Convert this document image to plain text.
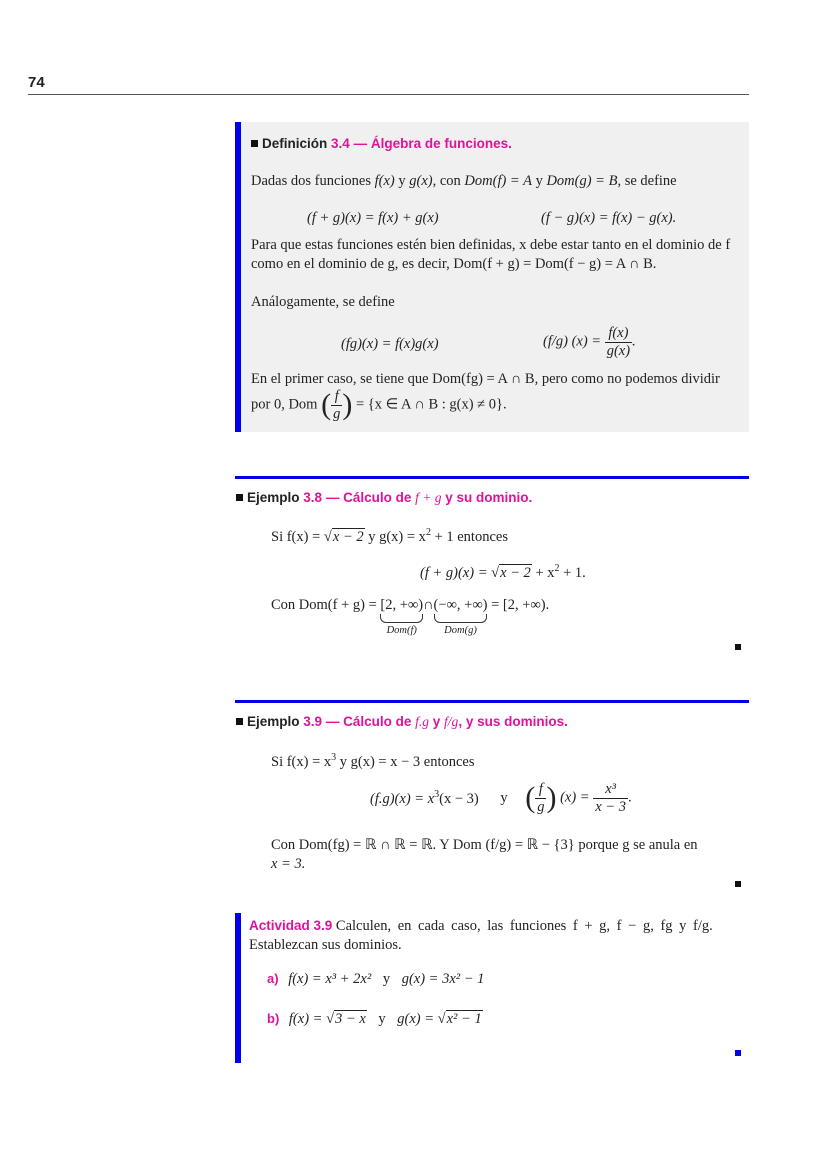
74
Definición 3.4 — Álgebra de funciones.
Dadas dos funciones f(x) y g(x), con Dom(f) = A y Dom(g) = B, se define
(f + g)(x) = f(x) + g(x)	(f − g)(x) = f(x) − g(x).
Para que estas funciones estén bien definidas, x debe estar tanto en el dominio de f
como en el dominio de g, es decir, Dom(f + g) = Dom(f − g) = A ∩ B.
Análogamente, se define
(fg)(x) = f(x)g(x)	(f/g) $(x) = \frac{f(x)}{g(x)}$ .
En el primer caso, se tiene que Dom(fg) = A ∩ B, pero como no podemos dividir
por 0, Dom ( $\frac{f}{g}$ ) = {x ∈ A ∩ B : g(x) ≠ 0}.
Ejemplo 3.8 — Cálculo de f + g y su dominio.
Si f(x) = √x − 2 y $g(x) = x^2 + 1$ entonces
$(f + g)(x) = √x - 2 + x^2 + 1$.
Con Dom(f + g) = [2, +∞)
Dom(f)
∩(−∞, +∞)
Dom(g)
= [2, +∞).
Ejemplo 3.9 — Cálculo de f.g y f/g, y sus dominios.
Si $f(x) = x^3$ y g(x) = x − 3 entonces
$(f.g)(x) = x^3(x - 3)$ y ( $\frac{f}{g}$ ) $(x) = \frac{\text{x³}}{x - 3}$ .
Con Dom(fg) = ℝ ∩ ℝ = ℝ. Y Dom (f/g) = ℝ − {3} porque g se anula en
x = 3.
Actividad 3.9 Calculen, en cada caso, las funciones f + g, f − g, fg y f/g.
Establezcan sus dominios.
a) f(x) = x³ + 2x² y g(x) = 3x² − 1
b) f(x) = √3 − x y g(x) = √x² − 1
